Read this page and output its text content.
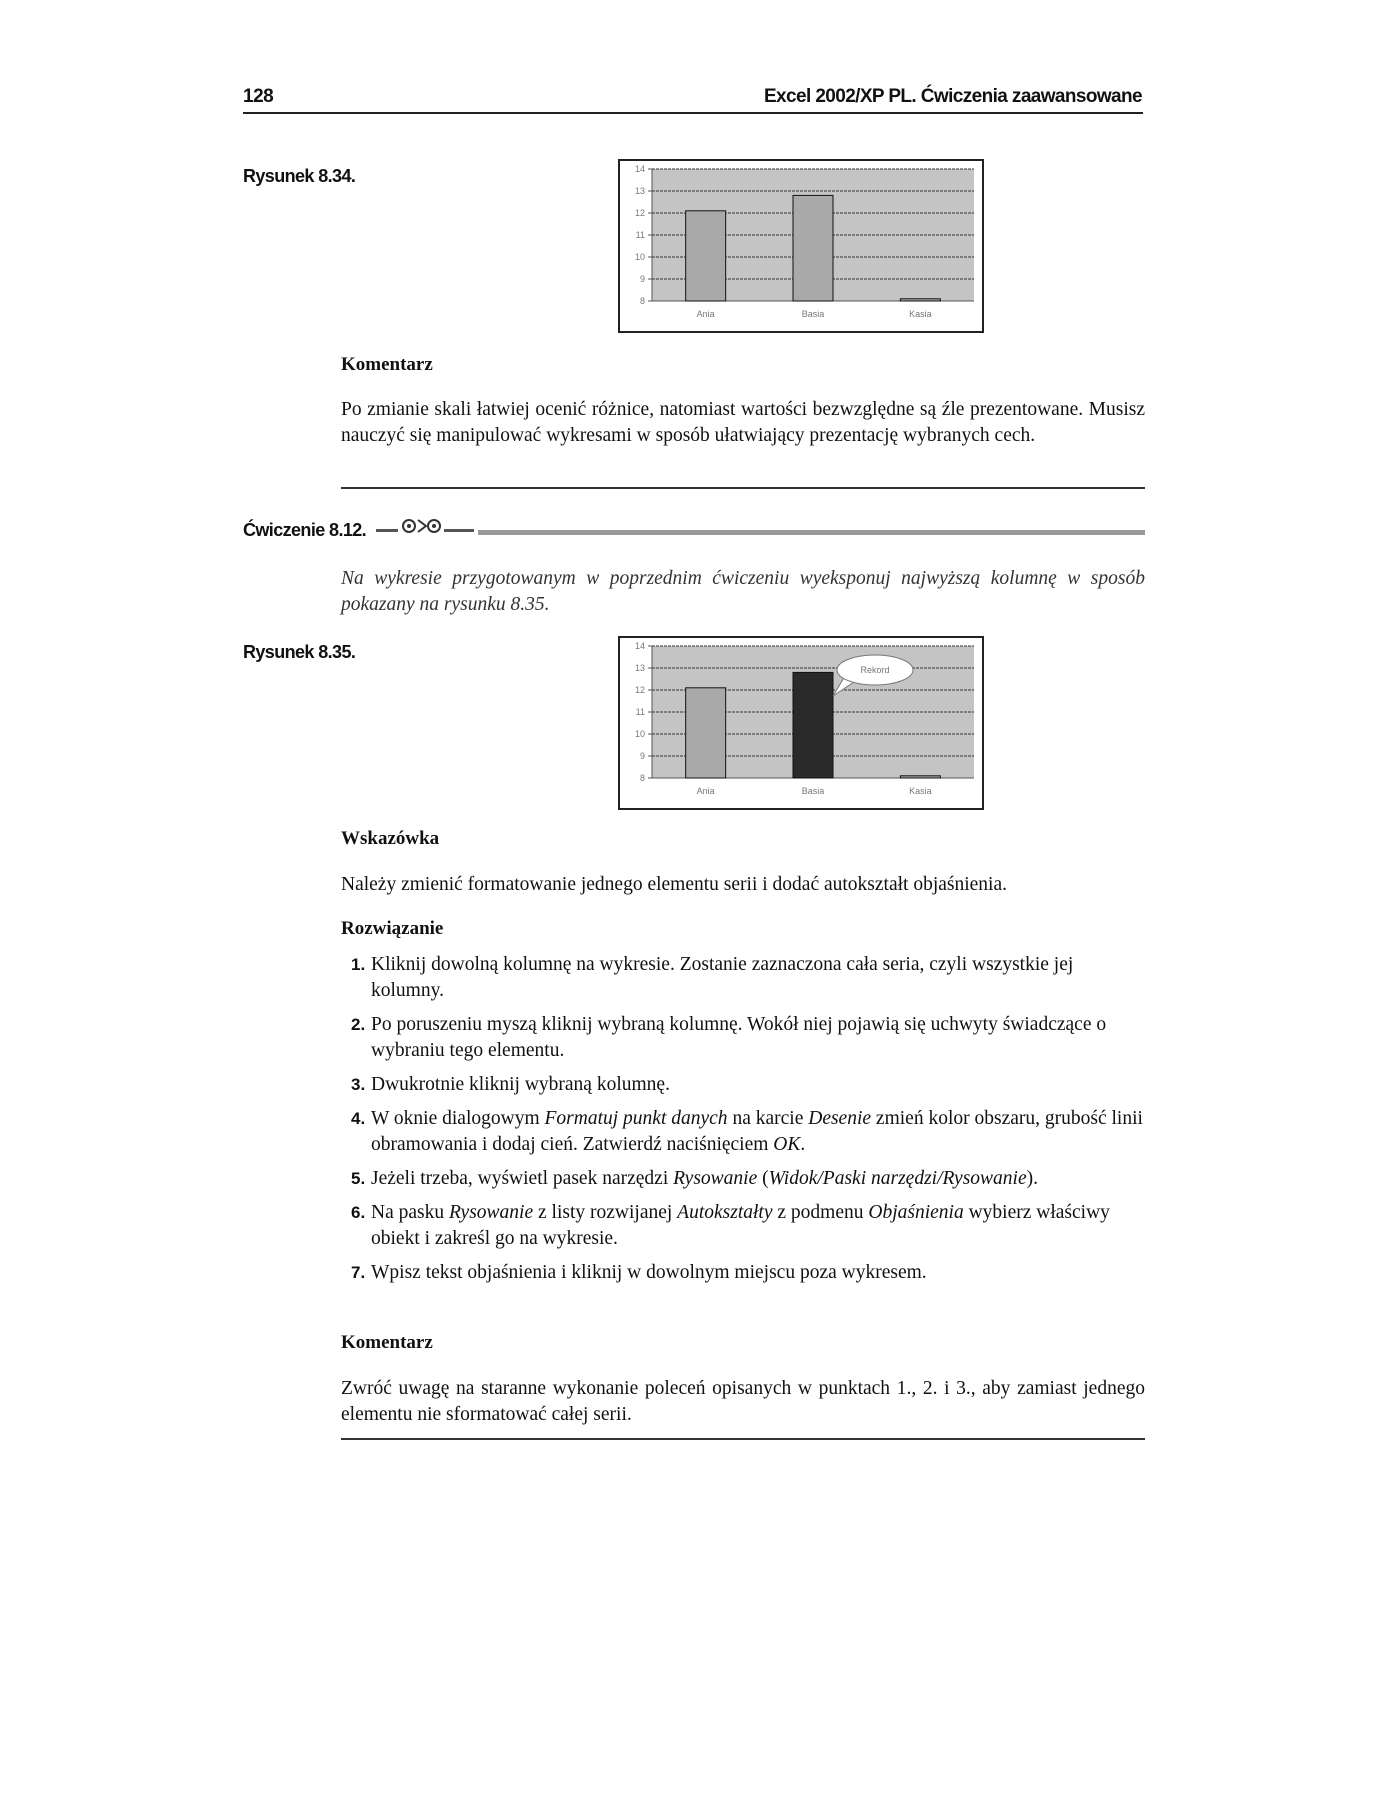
128	Excel 2002/XP PL. Ćwiczenia zaawansowane
Rysunek 8.34.	14
13
12
11
10
9
8
Ania	Basia	Kasia
Komentarz
Po zmianie skali łatwiej ocenić różnice, natomiast wartości bezwzględne są źle prezentowane. Musisz nauczyć się manipulować wykresami w sposób ułatwiający prezentację wybranych cech.
Ćwiczenie 8.12.
Na wykresie przygotowanym w poprzednim ćwiczeniu wyeksponuj najwyższą kolumnę w sposób pokazany na rysunku 8.35.
Rysunek 8.35.	14
13
12
11
10
9
8
Ania	Basia	Kasia
Rekord
Wskazówka
Należy zmienić formatowanie jednego elementu serii i dodać autokształt objaśnienia.
Rozwiązanie
1. Kliknij dowolną kolumnę na wykresie. Zostanie zaznaczona cała seria, czyli wszystkie jej kolumny.
2. Po poruszeniu myszą kliknij wybraną kolumnę. Wokół niej pojawią się uchwyty świadczące o wybraniu tego elementu.
3. Dwukrotnie kliknij wybraną kolumnę.
4. W oknie dialogowym Formatuj punkt danych na karcie Desenie zmień kolor obszaru, grubość linii obramowania i dodaj cień. Zatwierdź naciśnięciem OK.
5. Jeżeli trzeba, wyświetl pasek narzędzi Rysowanie (Widok/Paski narzędzi/Rysowanie).
6. Na pasku Rysowanie z listy rozwijanej Autokształty z podmenu Objaśnienia wybierz właściwy obiekt i zakreśl go na wykresie.
7. Wpisz tekst objaśnienia i kliknij w dowolnym miejscu poza wykresem.
Komentarz
Zwróć uwagę na staranne wykonanie poleceń opisanych w punktach 1., 2. i 3., aby zamiast jednego elementu nie sformatować całej serii.
